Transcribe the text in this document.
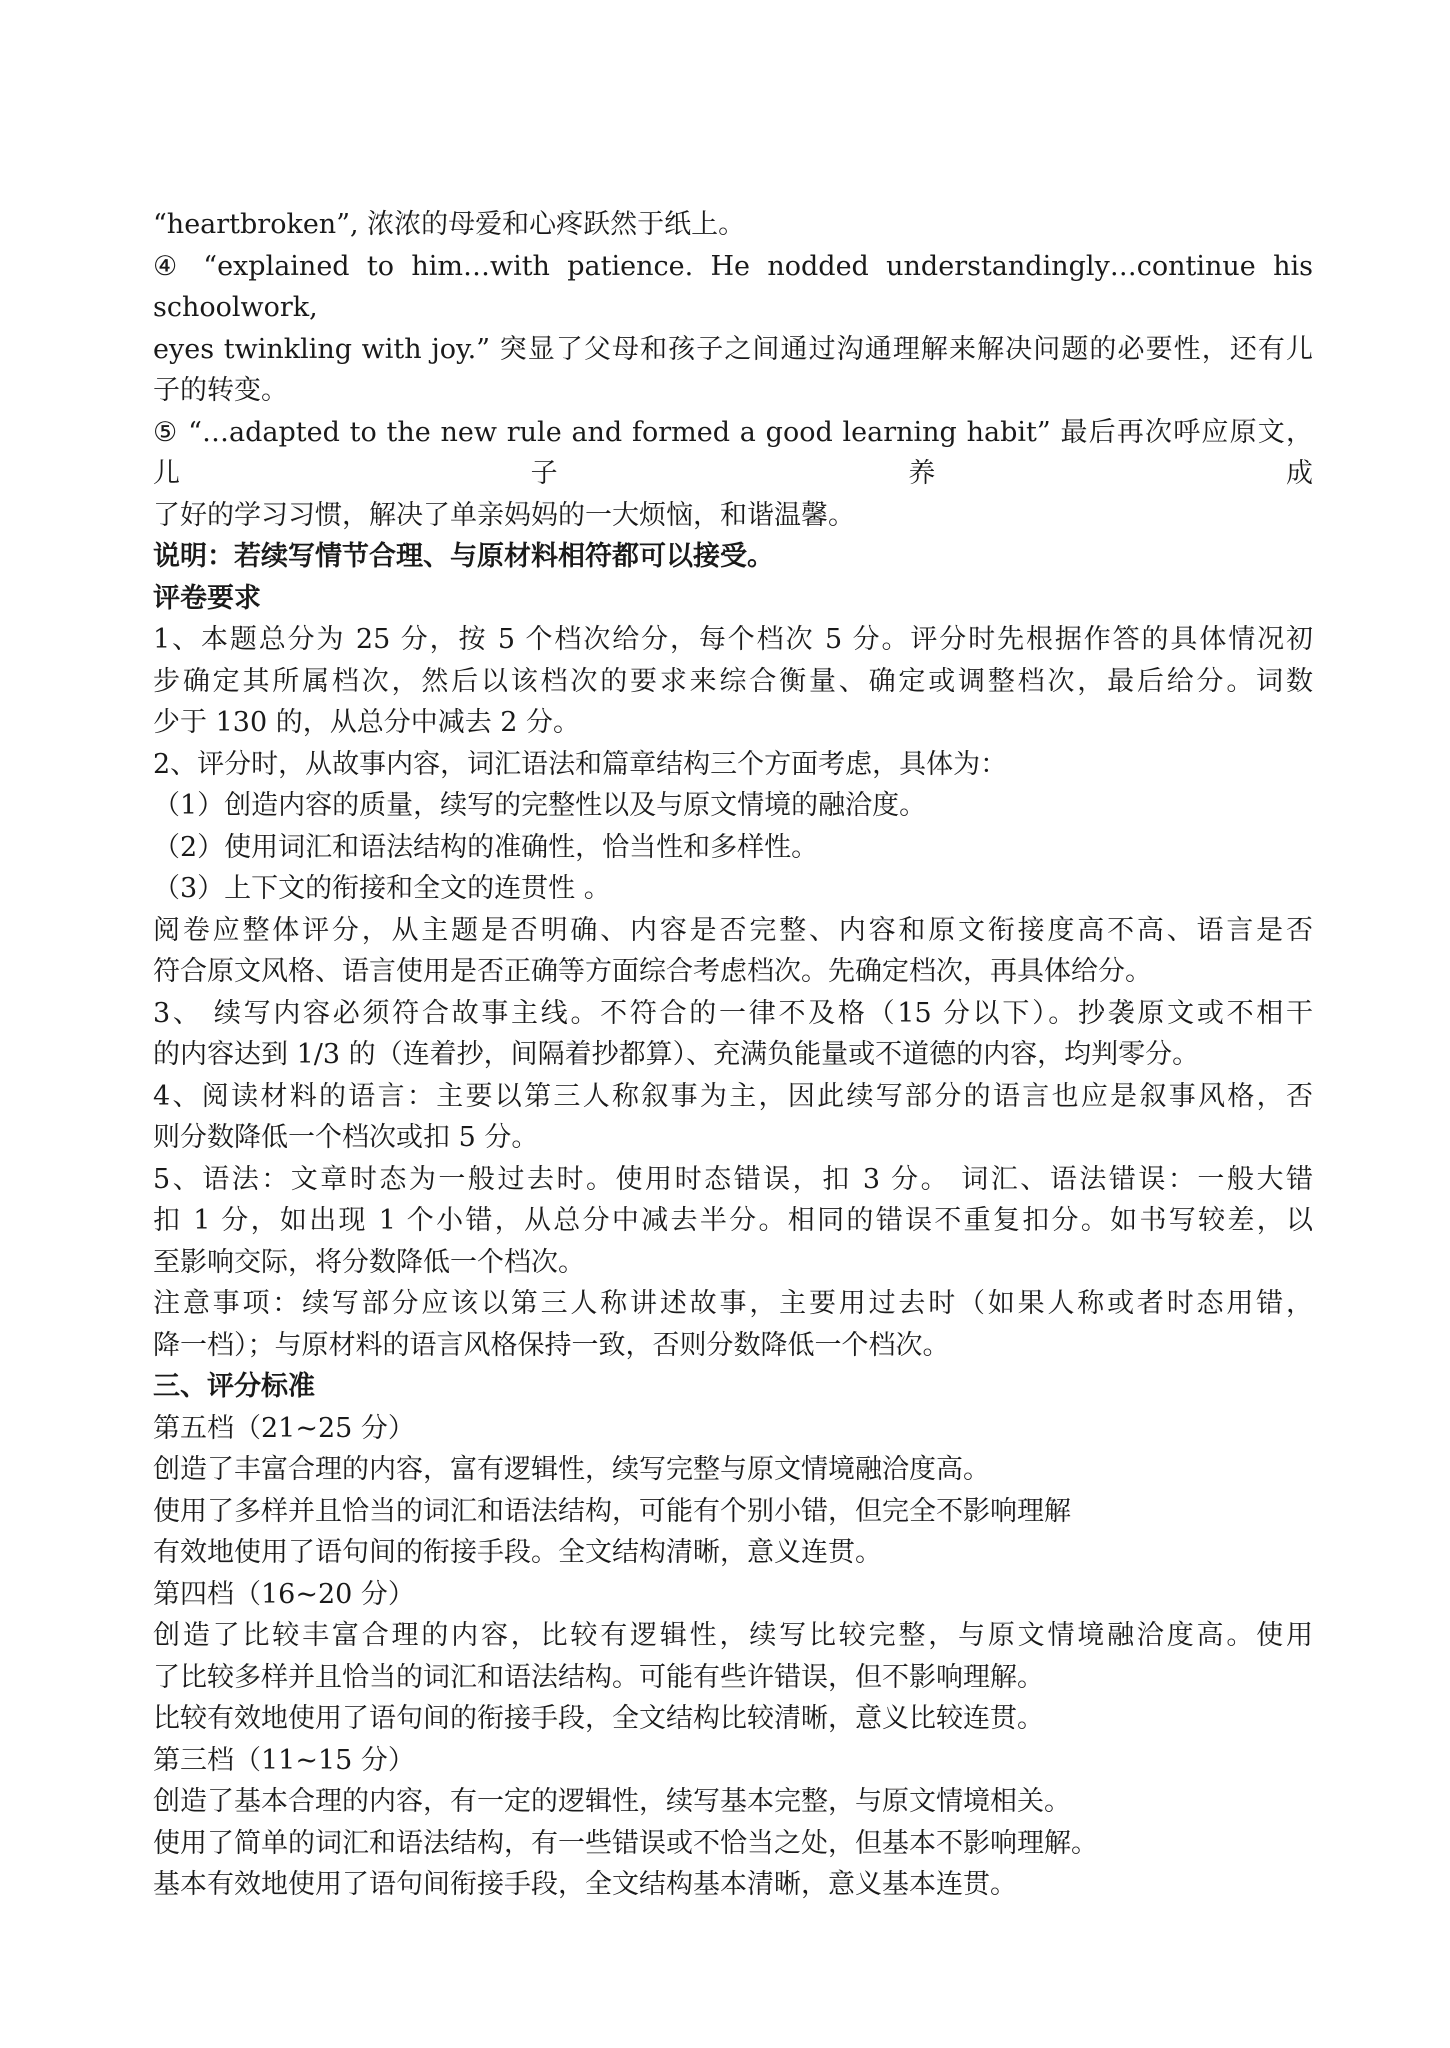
“heartbroken”, 浓浓的母爱和心疼跃然于纸上。
④ “explained to him…with patience. He nodded understandingly…continue his schoolwork,
eyes twinkling with joy.” 突显了父母和孩子之间通过沟通理解来解决问题的必要性，还有儿
子的转变。
⑤ “…adapted to the new rule and formed a good learning habit” 最后再次呼应原文，儿子养成
了好的学习习惯，解决了单亲妈妈的一大烦恼，和谐温馨。
说明：若续写情节合理、与原材料相符都可以接受。
评卷要求
1、本题总分为 25 分，按 5 个档次给分，每个档次 5 分。评分时先根据作答的具体情况初
步确定其所属档次，然后以该档次的要求来综合衡量、确定或调整档次，最后给分。词数
少于 130 的，从总分中减去 2 分。
2、评分时，从故事内容，词汇语法和篇章结构三个方面考虑，具体为：
（1）创造内容的质量，续写的完整性以及与原文情境的融洽度。
（2）使用词汇和语法结构的准确性，恰当性和多样性。
（3）上下文的衔接和全文的连贯性 。
阅卷应整体评分，从主题是否明确、内容是否完整、内容和原文衔接度高不高、语言是否
符合原文风格、语言使用是否正确等方面综合考虑档次。先确定档次，再具体给分。
3、 续写内容必须符合故事主线。不符合的一律不及格（15 分以下）。抄袭原文或不相干
的内容达到 1/3 的（连着抄，间隔着抄都算）、充满负能量或不道德的内容，均判零分。
4、阅读材料的语言：主要以第三人称叙事为主，因此续写部分的语言也应是叙事风格，否
则分数降低一个档次或扣 5 分。
5、语法：文章时态为一般过去时。使用时态错误，扣 3 分。 词汇、语法错误：一般大错
扣 1 分，如出现 1 个小错，从总分中减去半分。相同的错误不重复扣分。如书写较差，以
至影响交际，将分数降低一个档次。
注意事项：续写部分应该以第三人称讲述故事，主要用过去时（如果人称或者时态用错，
降一档）；与原材料的语言风格保持一致，否则分数降低一个档次。
三、评分标准
第五档（21~25 分）
创造了丰富合理的内容，富有逻辑性，续写完整与原文情境融洽度高。
使用了多样并且恰当的词汇和语法结构，可能有个别小错，但完全不影响理解
有效地使用了语句间的衔接手段。全文结构清晰，意义连贯。
第四档（16~20 分）
创造了比较丰富合理的内容，比较有逻辑性，续写比较完整，与原文情境融洽度高。使用
了比较多样并且恰当的词汇和语法结构。可能有些许错误，但不影响理解。
比较有效地使用了语句间的衔接手段，全文结构比较清晰，意义比较连贯。
第三档（11~15 分）
创造了基本合理的内容，有一定的逻辑性，续写基本完整，与原文情境相关。
使用了简单的词汇和语法结构，有一些错误或不恰当之处，但基本不影响理解。
基本有效地使用了语句间衔接手段，全文结构基本清晰，意义基本连贯。
